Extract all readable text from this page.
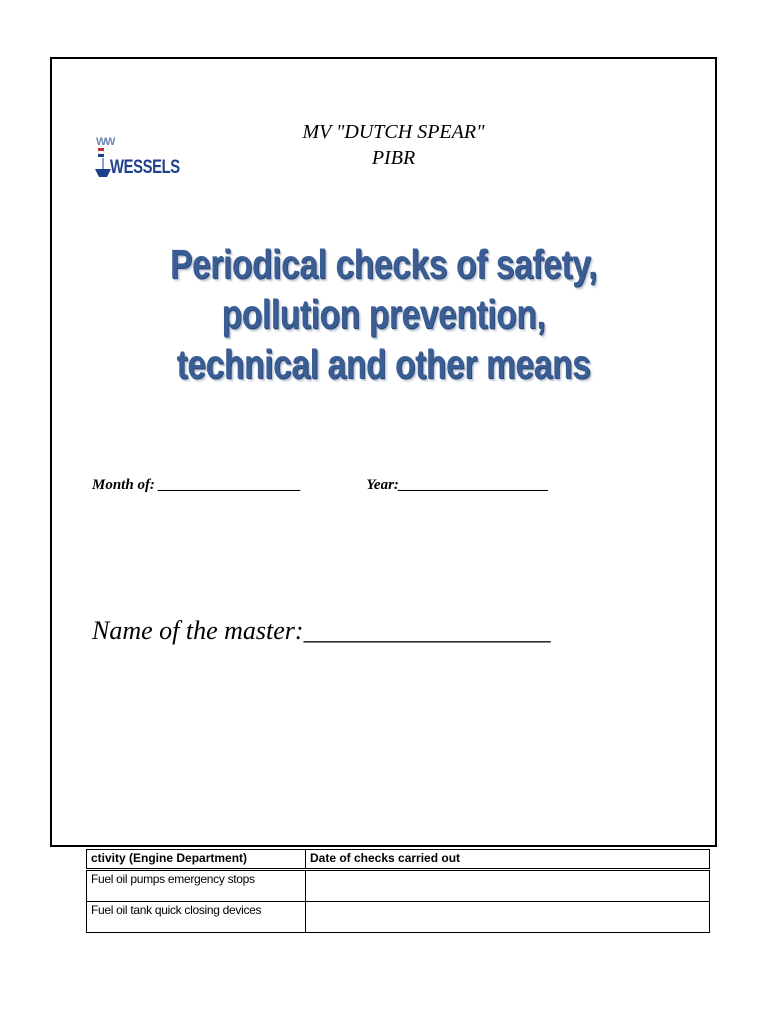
W
W
WESSELS
MV "DUTCH SPEAR"
PIBR
Periodical checks of safety,
pollution prevention,
technical and other means
Month of: ___________________	Year:____________________
Name of the master:___________________
ctivity (Engine Department)	Date of checks carried out

Fuel oil pumps emergency stops	
Fuel oil tank quick closing devices	
